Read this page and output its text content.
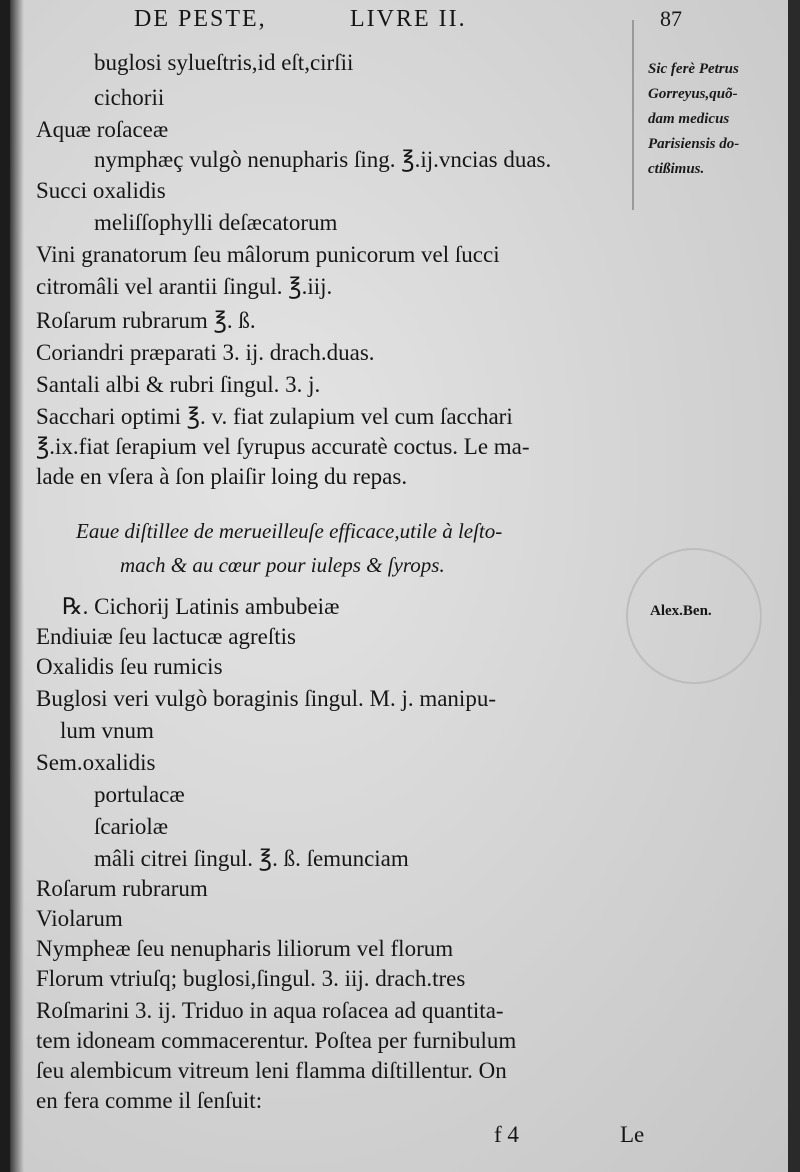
DE PESTE,	LIVRE II.	87
Sic ferè Petrus
Gorreyus,quõ-
dam medicus
Parisiensis do-
ctißimus.
buglosi sylueſtris,id eſt,cirſii
cichorii
Aquæ roſaceæ
nymphæç vulgò nenupharis ſing. ℥.ij.vncias duas.
Succi oxalidis
meliſſophylli deſæcatorum
Vini granatorum ſeu mâlorum punicorum vel ſucci
citromâli vel arantii ſingul. ℥.iij.
Roſarum rubrarum ℥. ß.
Coriandri præparati 3. ij. drach.duas.
Santali albi & rubri ſingul. 3. j.
Sacchari optimi ℥. v. fiat zulapium vel cum ſacchari
℥.ix.fiat ſerapium vel ſyrupus accuratè coctus. Le ma-
lade en vſera à ſon plaiſir loing du repas.
Eaue diſtillee de merueilleuſe efficace,utile à leſto-
mach & au cœur pour iuleps & ſyrops.
Alex.Ben.
℞. Cichorij Latinis ambubeiæ
Endiuiæ ſeu lactucæ agreſtis
Oxalidis ſeu rumicis
Buglosi veri vulgò boraginis ſingul. M. j. manipu-
lum vnum
Sem.oxalidis
portulacæ
ſcariolæ
mâli citrei ſingul. ℥. ß. ſemunciam
Roſarum rubrarum
Violarum
Nympheæ ſeu nenupharis liliorum vel florum
Florum vtriuſq; buglosi,ſingul. 3. iij. drach.tres
Roſmarini 3. ij. Triduo in aqua roſacea ad quantita-
tem idoneam commacerentur. Poſtea per furnibulum
ſeu alembicum vitreum leni flamma diſtillentur. On
en fera comme il ſenſuit:
f 4	Le
